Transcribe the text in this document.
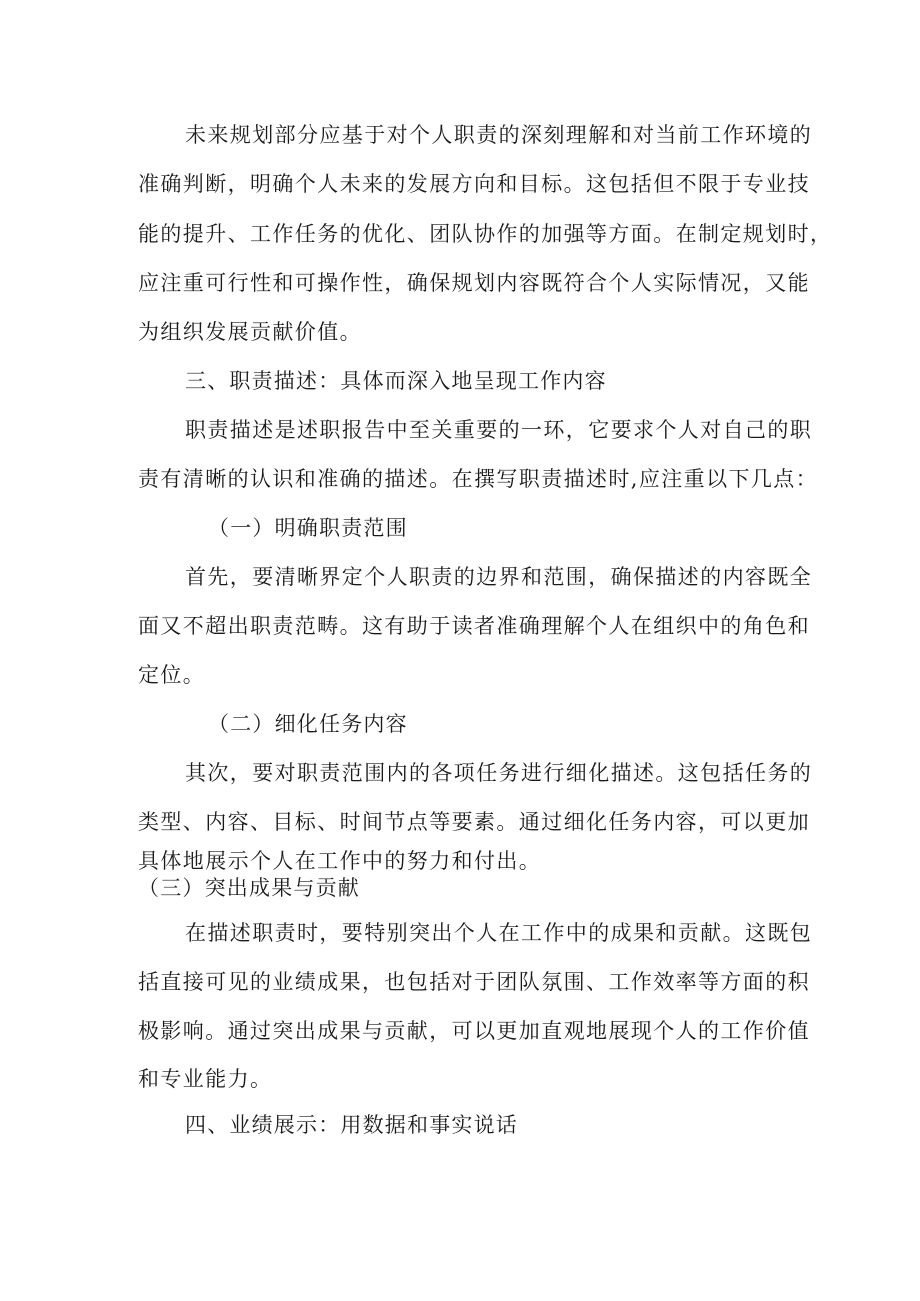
未来规划部分应基于对个人职责的深刻理解和对当前工作环境的
准确判断，明确个人未来的发展方向和目标。这包括但不限于专业技
能的提升、工作任务的优化、团队协作的加强等方面。在制定规划时，
应注重可行性和可操作性，确保规划内容既符合个人实际情况，又能
为组织发展贡献价值。
三、职责描述：具体而深入地呈现工作内容
职责描述是述职报告中至关重要的一环，它要求个人对自己的职
责有清晰的认识和准确的描述。在撰写职责描述时,应注重以下几点：
（一）明确职责范围
首先，要清晰界定个人职责的边界和范围，确保描述的内容既全
面又不超出职责范畴。这有助于读者准确理解个人在组织中的角色和
定位。
（二）细化任务内容
其次，要对职责范围内的各项任务进行细化描述。这包括任务的
类型、内容、目标、时间节点等要素。通过细化任务内容，可以更加
具体地展示个人在工作中的努力和付出。
（三）突出成果与贡献
在描述职责时，要特别突出个人在工作中的成果和贡献。这既包
括直接可见的业绩成果，也包括对于团队氛围、工作效率等方面的积
极影响。通过突出成果与贡献，可以更加直观地展现个人的工作价值
和专业能力。
四、业绩展示：用数据和事实说话
